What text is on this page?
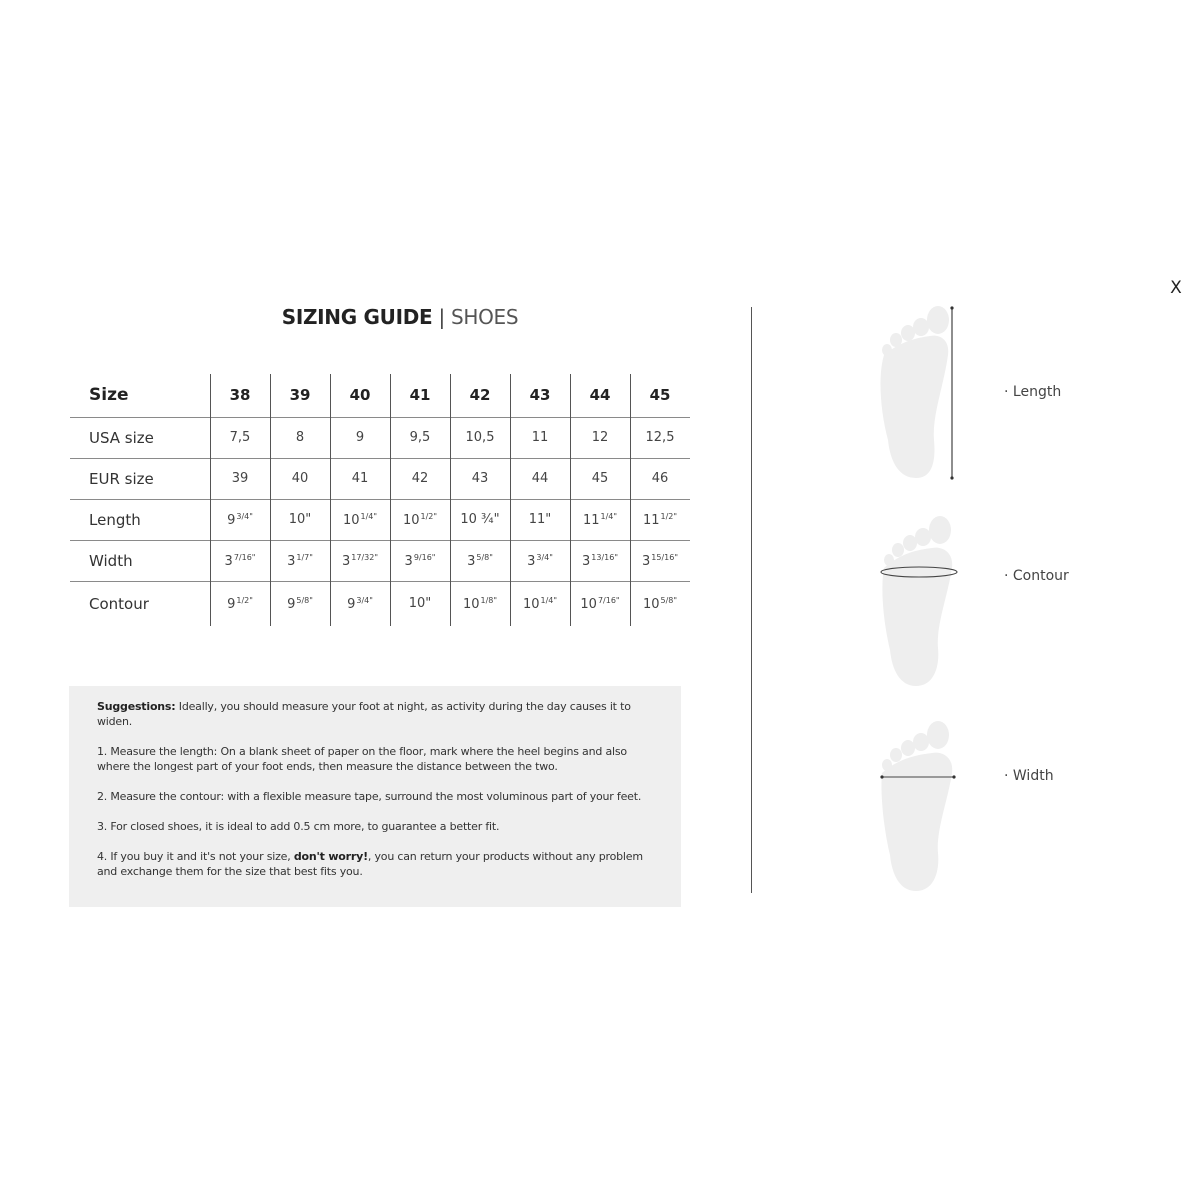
X
SIZING GUIDE | SHOES
Size	38	39	40	41	42	43	44	45
USA size	7,5	8	9	9,5	10,5	11	12	12,5
EUR size	39	40	41	42	43	44	45	46
Length	$9^{3/4"}$	10"	$10^{1/4"}$	$10^{1/2"}$	10 ¾"	11"	$11^{1/4"}$	$11^{1/2"}$
Width	$3^{7/16"}$	$3^{1/7"}$	$3^{17/32"}$	$3^{9/16"}$	$3^{5/8"}$	$3^{3/4"}$	$3^{13/16"}$	$3^{15/16"}$
Contour	$9^{1/2"}$	$9^{5/8"}$	$9^{3/4"}$	10"	$10^{1/8"}$	$10^{1/4"}$	$10^{7/16"}$	$10^{5/8"}$

Suggestions: Ideally, you should measure your foot at night, as activity during the day causes it to widen.

1. Measure the length: On a blank sheet of paper on the floor, mark where the heel begins and also where the longest part of your foot ends, then measure the distance between the two.

2. Measure the contour: with a flexible measure tape, surround the most voluminous part of your feet.

3. For closed shoes, it is ideal to add 0.5 cm more, to guarantee a better fit.

4. If you buy it and it's not your size, don't worry!, you can return your products without any problem and exchange them for the size that best fits you.

· Length
· Contour
· Width
